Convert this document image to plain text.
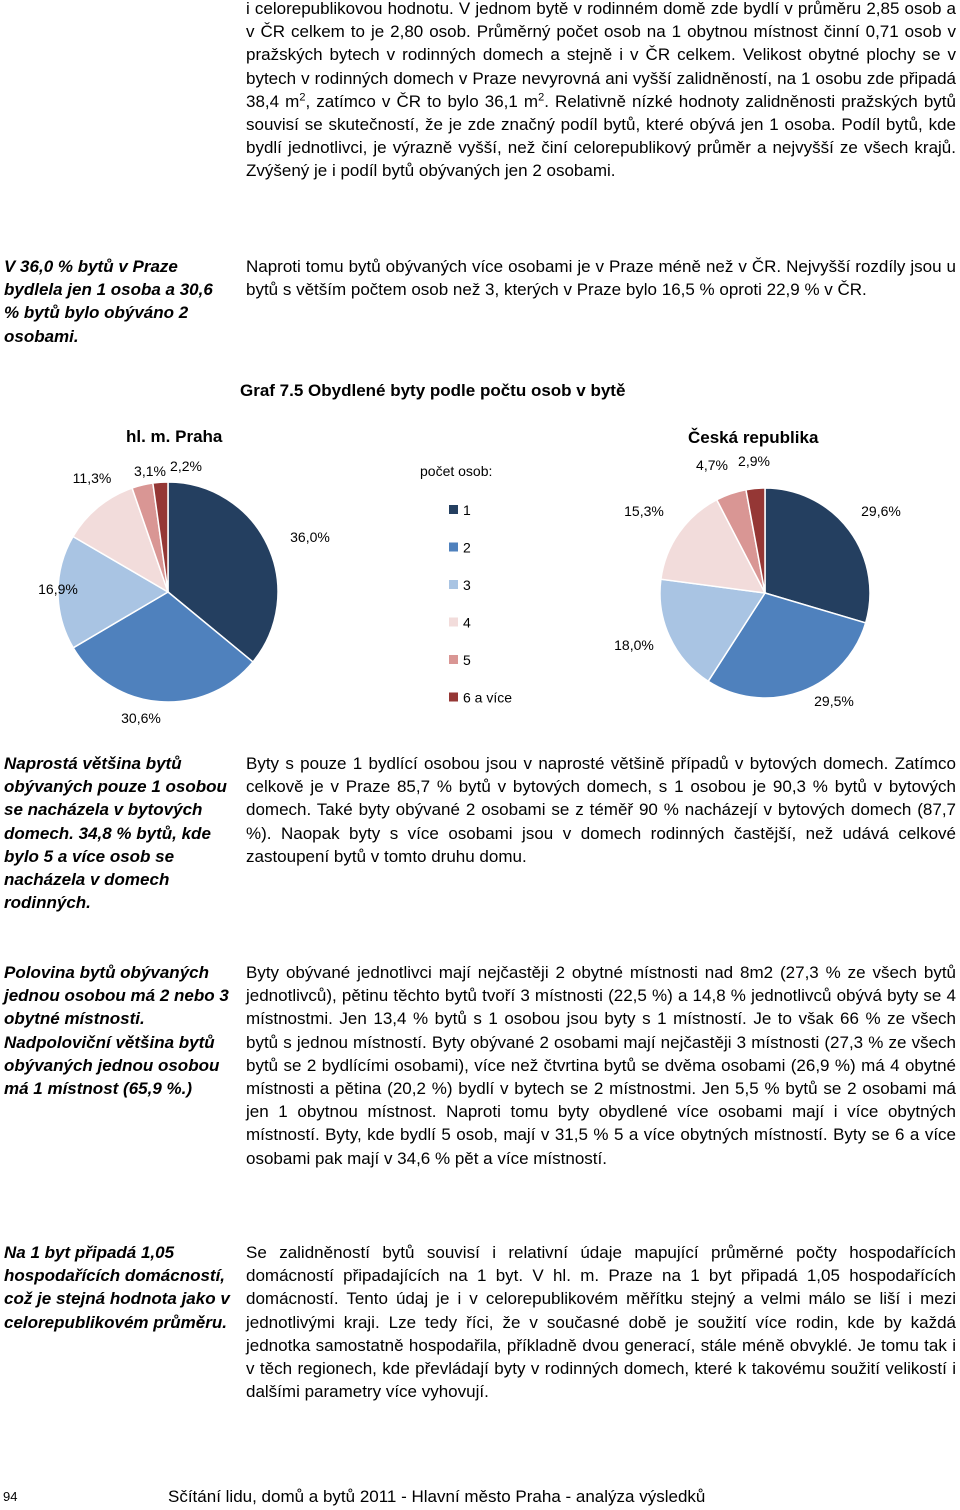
i celorepublikovou hodnotu. V jednom bytě v rodinném domě zde bydlí v průměru 2,85 osob a v ČR celkem to je 2,80 osob. Průměrný počet osob na 1 obytnou místnost činní 0,71 osob v pražských bytech v rodinných domech a stejně i v ČR celkem. Velikost obytné plochy se v bytech v rodinných domech v Praze nevyrovná ani vyšší zalidněností, na 1 osobu zde připadá 38,4 $m^2$, zatímco v ČR to bylo 36,1 $m^2$. Relativně nízké hodnoty zalidněnosti pražských bytů souvisí se skutečností, že je zde značný podíl bytů, které obývá jen 1 osoba. Podíl bytů, kde bydlí jednotlivci, je výrazně vyšší, než činí celorepublikový průměr a nejvyšší ze všech krajů. Zvýšený je i podíl bytů obývaných jen 2 osobami.

V 36,0 % bytů v Praze bydlela jen 1 osoba a 30,6 % bytů bylo obýváno 2 osobami.

Naproti tomu bytů obývaných více osobami je v Praze méně než v ČR. Nejvyšší rozdíly jsou u bytů s větším počtem osob než 3, kterých v Praze bylo 16,5 % oproti 22,9 % v ČR.

Graf 7.5 Obydlené byty podle počtu osob v bytě

hl. m. Praha	Česká republika
36,0%
30,6%
16,9%
11,3% 3,1% 2,2%
29,6%
29,5%
18,0%
15,3%
4,7% 2,9%
počet osob:
1
2
3
4
5
6 a více

Naprostá většina bytů obývaných pouze 1 osobou se nacházela v bytových domech. 34,8 % bytů, kde bylo 5 a více osob se nacházela v domech rodinných.

Byty s pouze 1 bydlící osobou jsou v naprosté většině případů v bytových domech. Zatímco celkově je v Praze 85,7 % bytů v bytových domech, s 1 osobou je 90,3 % bytů v bytových domech. Také byty obývané 2 osobami se z téměř 90 % nacházejí v bytových domech (87,7 %). Naopak byty s více osobami jsou v domech rodinných častější, než udává celkové zastoupení bytů v tomto druhu domu.

Polovina bytů obývaných jednou osobou má 2 nebo 3 obytné místnosti. Nadpoloviční většina bytů obývaných jednou osobou má 1 místnost (65,9 %.)

Byty obývané jednotlivci mají nejčastěji 2 obytné místnosti nad 8m2 (27,3 % ze všech bytů jednotlivců), pětinu těchto bytů tvoří 3 místnosti (22,5 %) a 14,8 % jednotlivců obývá byty se 4 místnostmi. Jen 13,4 % bytů s 1 osobou jsou byty s 1 místností. Je to však 66 % ze všech bytů s jednou místností. Byty obývané 2 osobami mají nejčastěji 3 místnosti (27,3 % ze všech bytů se 2 bydlícími osobami), více než čtvrtina bytů se dvěma osobami (26,9 %) má 4 obytné místnosti a pětina (20,2 %) bydlí v bytech se 2 místnostmi. Jen 5,5 % bytů se 2 osobami má jen 1 obytnou místnost. Naproti tomu byty obydlené více osobami mají i více obytných místností. Byty, kde bydlí 5 osob, mají v 31,5 % 5 a více obytných místností. Byty se 6 a více osobami pak mají v 34,6 % pět a více místností.

Na 1 byt připadá 1,05 hospodařících domácností, což je stejná hodnota jako v celorepublikovém průměru.

Se zalidněností bytů souvisí i relativní údaje mapující průměrné počty hospodařících domácností připadajících na 1 byt. V hl. m. Praze na 1 byt připadá 1,05 hospodařících domácností. Tento údaj je i v celorepublikovém měřítku stejný a velmi málo se liší i mezi jednotlivými kraji. Lze tedy říci, že v současné době je soužití více rodin, kde by každá jednotka samostatně hospodařila, příkladně dvou generací, stále méně obvyklé. Je tomu tak i v těch regionech, kde převládají byty v rodinných domech, které k takovému soužití velikostí i dalšími parametry více vyhovují.

94	Sčítání lidu, domů a bytů 2011 - Hlavní město Praha - analýza výsledků
